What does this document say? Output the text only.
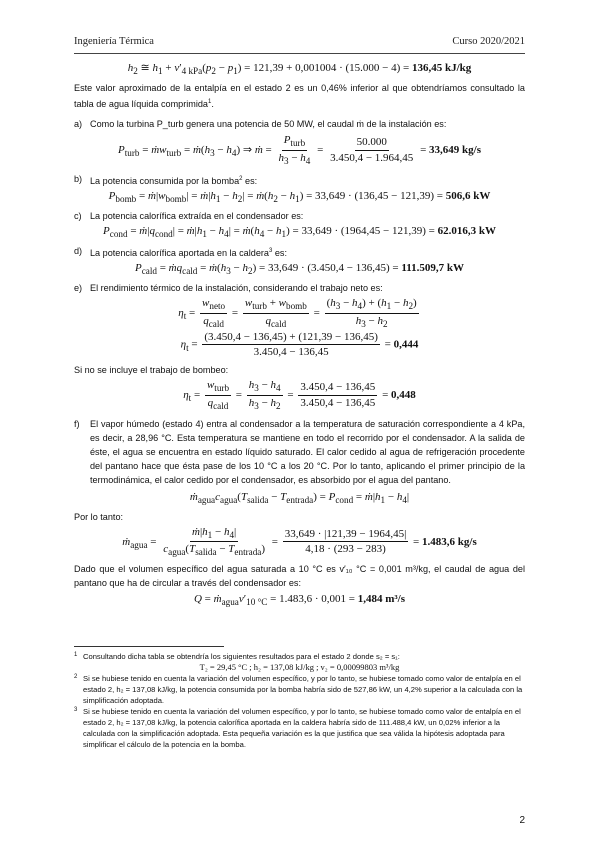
Ingeniería Térmica	Curso 2020/2021
$h_2$ ≅ $h_1 + v'_{4 kPa}(p_2 - p_1) = 121,39 + 0,001004 \cdot (15.000 - 4) = 136,45$ kJ/kg
Este valor aproximado de la entalpía en el estado 2 es un 0,46% inferior al que obtendríamos consultado la tabla de agua líquida comprimida$^1$.
a) Como la turbina P_turb genera una potencia de 50 MW, el caudal ṁ de la instalación es:
$P_{turb}$ = ṁw$_{turb}$ = $ṁ(h_3 - h_4)$ ⇒ ṁ = $\frac{P_{turb}}{h_3 - h_4} = \frac{50.000}{3.450,4 - 1.964,45} = 33,649$ kg/s
b) La potencia consumida por la bomba$^2$ es:
$P_{bomb}$ = $ṁ|w_{bomb}|$ = $ṁ|h_1 - h_2|$ = $ṁ(h_2 - h_1) = 33,649 \cdot (136,45 - 121,39) = 506,6$ kW
c) La potencia calorífica extraída en el condensador es:
$P_{cond}$ = $ṁ|q_{cond}|$ = $ṁ|h_1 - h_4|$ = $ṁ(h_4 - h_1) = 33,649 \cdot (1964,45 - 121,39) = 62.016,3$ kW
d) La potencia calorífica aportada en la caldera$^3$ es:
$P_{cald}$ = ṁq$_{cald}$ = $ṁ(h_3 - h_2) = 33,649 \cdot (3.450,4 - 136,45) = 111.509,7$ kW
e) El rendimiento térmico de la instalación, considerando el trabajo neto es:
$\eta_t = \frac{w_{neto}}{q_{cald}} = \frac{w_{turb} + w_{bomb}}{q_{cald}} = \frac{(h_3 - h_4) + (h_1 - h_2)}{h_3 - h_2}$
$\eta_t = \frac{(3.450,4 - 136,45) + (121,39 - 136,45)}{3.450,4 - 136,45} = 0,444$
Si no se incluye el trabajo de bombeo:
$\eta_t = \frac{w_{turb}}{q_{cald}} = \frac{h_3 - h_4}{h_3 - h_2} = \frac{3.450,4 - 136,45}{3.450,4 - 136,45} = 0,448$
f) El vapor húmedo (estado 4) entra al condensador a la temperatura de saturación correspondiente a 4 kPa, es decir, a 28,96 °C. Esta temperatura se mantiene en todo el recorrido por el condensador. A la salida de éste, el agua se encuentra en estado líquido saturado. El calor cedido al agua de refrigeración procedente del pantano hace que ésta pase de los 10 °C a los 20 °C. Por lo tanto, aplicando el primer principio de la termodinámica, el calor cedido por el condensador, es absorbido por el agua del pantano.
$ṁ_{agua}c_{agua}(T_{salida} - T_{entrada}) = P_{cond}$ = $ṁ|h_1 - h_4|$
Por lo tanto:
ṁ$_{agua}$ = $\frac{ṁ|h_1 - h_4|}{c_{agua}(T_{salida} - T_{entrada})} = \frac{33,649 \cdot |121,39 - 1964,45|}{4,18 \cdot (293 - 283)} = 1.483,6$ kg/s
Dado que el volumen específico del agua saturada a 10 °C es v′₁₀ °C = 0,001 m³/kg, el caudal de agua del pantano que ha de circular a través del condensador es:
$Q = ṁ_{agua}v'_{10 ^\circ C} = 1.483,6 \cdot 0,001 = 1,484$ m³/s
1 Consultando dicha tabla se obtendría los siguientes resultados para el estado 2 donde s₂ = s₁:
T₂ = 29,45 °C ; h₂ = 137,08 kJ/kg ; v₂ = 0,00099803 m³/kg
2 Si se hubiese tenido en cuenta la variación del volumen específico, y por lo tanto, se hubiese tomado como valor de entalpía en el estado 2, h₂ = 137,08 kJ/kg, la potencia consumida por la bomba habría sido de 527,86 kW, un 4,2% superior a la calculada con la simplificación adoptada.
3 Si se hubiese tenido en cuenta la variación del volumen específico, y por lo tanto, se hubiese tomado como valor de entalpía en el estado 2, h₂ = 137,08 kJ/kg, la potencia calorífica aportada en la caldera habría sido de 111.488,4 kW, un 0,02% inferior a la calculada con la simplificación adoptada. Esta pequeña variación es la que justifica que sea válida la hipótesis adoptada para simplificar el cálculo de la potencia en la bomba.
2
